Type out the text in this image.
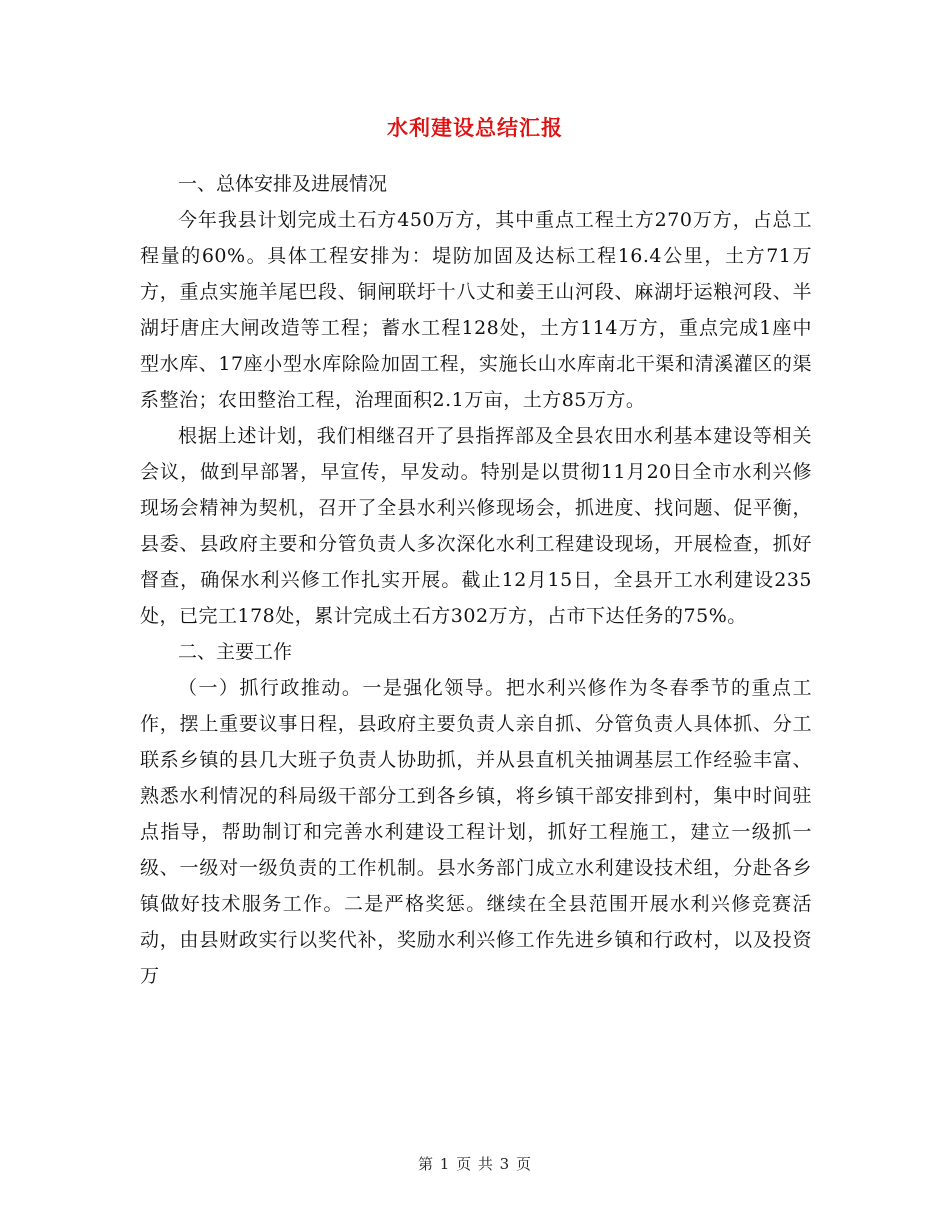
水利建设总结汇报

一、总体安排及进展情况

今年我县计划完成土石方450万方，其中重点工程土方270万方，占总工程量的60%。具体工程安排为：堤防加固及达标工程16.4公里，土方71万方，重点实施羊尾巴段、铜闸联圩十八丈和姜王山河段、麻湖圩运粮河段、半湖圩唐庄大闸改造等工程；蓄水工程128处，土方114万方，重点完成1座中型水库、17座小型水库除险加固工程，实施长山水库南北干渠和清溪灌区的渠系整治；农田整治工程，治理面积2.1万亩，土方85万方。

根据上述计划，我们相继召开了县指挥部及全县农田水利基本建设等相关会议，做到早部署，早宣传，早发动。特别是以贯彻11月20日全市水利兴修现场会精神为契机，召开了全县水利兴修现场会，抓进度、找问题、促平衡，县委、县政府主要和分管负责人多次深化水利工程建设现场，开展检查，抓好督查，确保水利兴修工作扎实开展。截止12月15日，全县开工水利建设235处，已完工178处，累计完成土石方302万方，占市下达任务的75%。

二、主要工作

（一）抓行政推动。一是强化领导。把水利兴修作为冬春季节的重点工作，摆上重要议事日程，县政府主要负责人亲自抓、分管负责人具体抓、分工联系乡镇的县几大班子负责人协助抓，并从县直机关抽调基层工作经验丰富、熟悉水利情况的科局级干部分工到各乡镇，将乡镇干部安排到村，集中时间驻点指导，帮助制订和完善水利建设工程计划，抓好工程施工，建立一级抓一级、一级对一级负责的工作机制。县水务部门成立水利建设技术组，分赴各乡镇做好技术服务工作。二是严格奖惩。继续在全县范围开展水利兴修竞赛活动，由县财政实行以奖代补，奖励水利兴修工作先进乡镇和行政村，以及投资万

第 1 页 共 3 页
